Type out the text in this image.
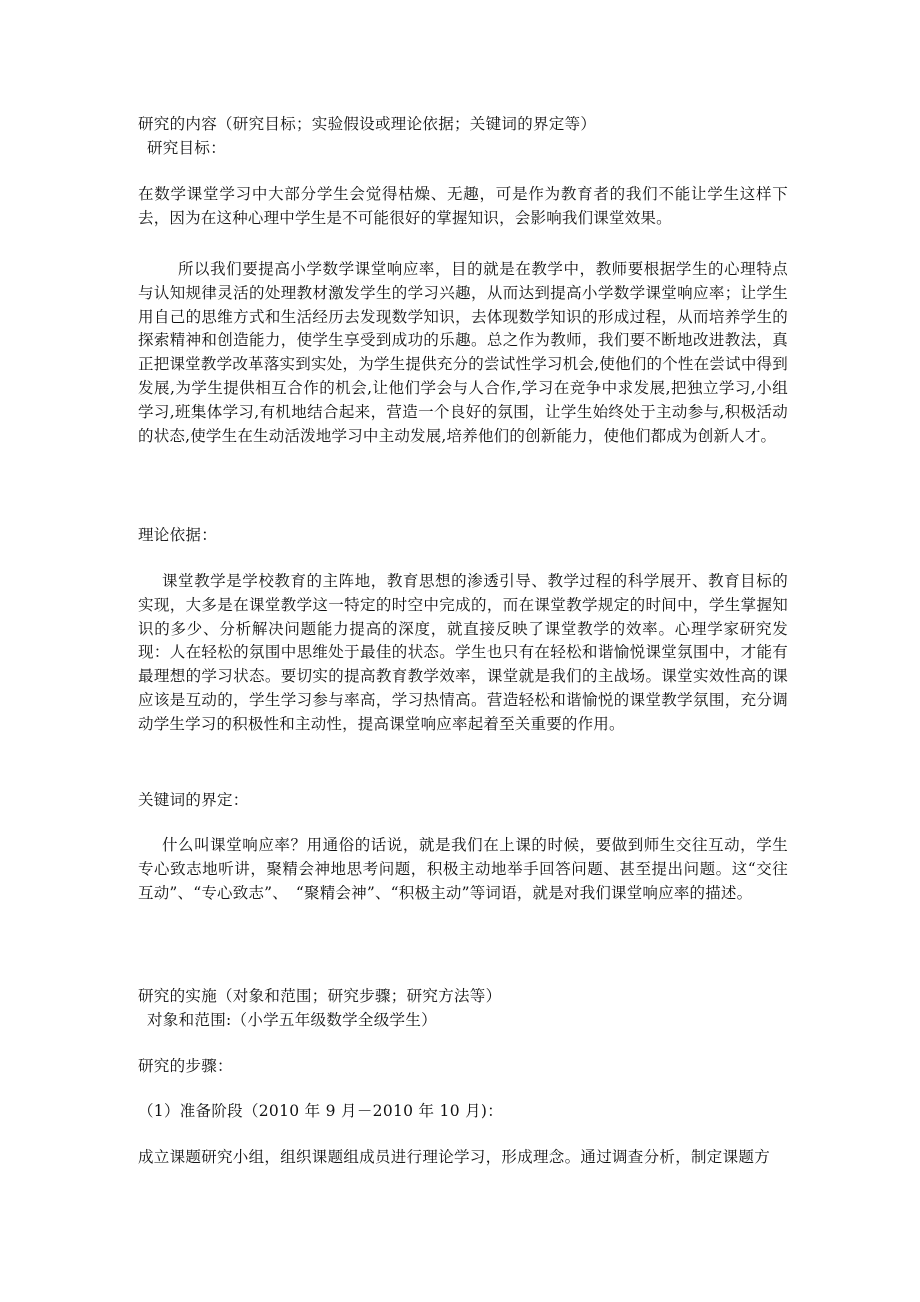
研究的内容（研究目标；实验假设或理论依据；关键词的界定等）
研究目标：
在数学课堂学习中大部分学生会觉得枯燥、无趣，可是作为教育者的我们不能让学生这样下去，因为在这种心理中学生是不可能很好的掌握知识，会影响我们课堂效果。
所以我们要提高小学数学课堂响应率，目的就是在教学中，教师要根据学生的心理特点与认知规律灵活的处理教材激发学生的学习兴趣，从而达到提高小学数学课堂响应率；让学生用自己的思维方式和生活经历去发现数学知识，去体现数学知识的形成过程，从而培养学生的探索精神和创造能力，使学生享受到成功的乐趣。总之作为教师，我们要不断地改进教法，真正把课堂教学改革落实到实处，为学生提供充分的尝试性学习机会,使他们的个性在尝试中得到发展,为学生提供相互合作的机会,让他们学会与人合作,学习在竞争中求发展,把独立学习,小组学习,班集体学习,有机地结合起来，营造一个良好的氛围，让学生始终处于主动参与,积极活动的状态,使学生在生动活泼地学习中主动发展,培养他们的创新能力，使他们都成为创新人才。
理论依据：
课堂教学是学校教育的主阵地，教育思想的渗透引导、教学过程的科学展开、教育目标的实现，大多是在课堂教学这一特定的时空中完成的，而在课堂教学规定的时间中，学生掌握知识的多少、分析解决问题能力提高的深度，就直接反映了课堂教学的效率。心理学家研究发现：人在轻松的氛围中思维处于最佳的状态。学生也只有在轻松和谐愉悦课堂氛围中，才能有最理想的学习状态。要切实的提高教育教学效率，课堂就是我们的主战场。课堂实效性高的课应该是互动的，学生学习参与率高，学习热情高。营造轻松和谐愉悦的课堂教学氛围，充分调动学生学习的积极性和主动性，提高课堂响应率起着至关重要的作用。
关键词的界定：
什么叫课堂响应率？用通俗的话说，就是我们在上课的时候，要做到师生交往互动，学生专心致志地听讲，聚精会神地思考问题，积极主动地举手回答问题、甚至提出问题。这“交往互动”、“专心致志”、　“聚精会神”、“积极主动”等词语，就是对我们课堂响应率的描述。
研究的实施（对象和范围；研究步骤；研究方法等）
对象和范围:（小学五年级数学全级学生）
研究的步骤：
（1）准备阶段（2010 年 9 月－2010 年 10 月)：
成立课题研究小组，组织课题组成员进行理论学习，形成理念。通过调查分析，制定课题方
